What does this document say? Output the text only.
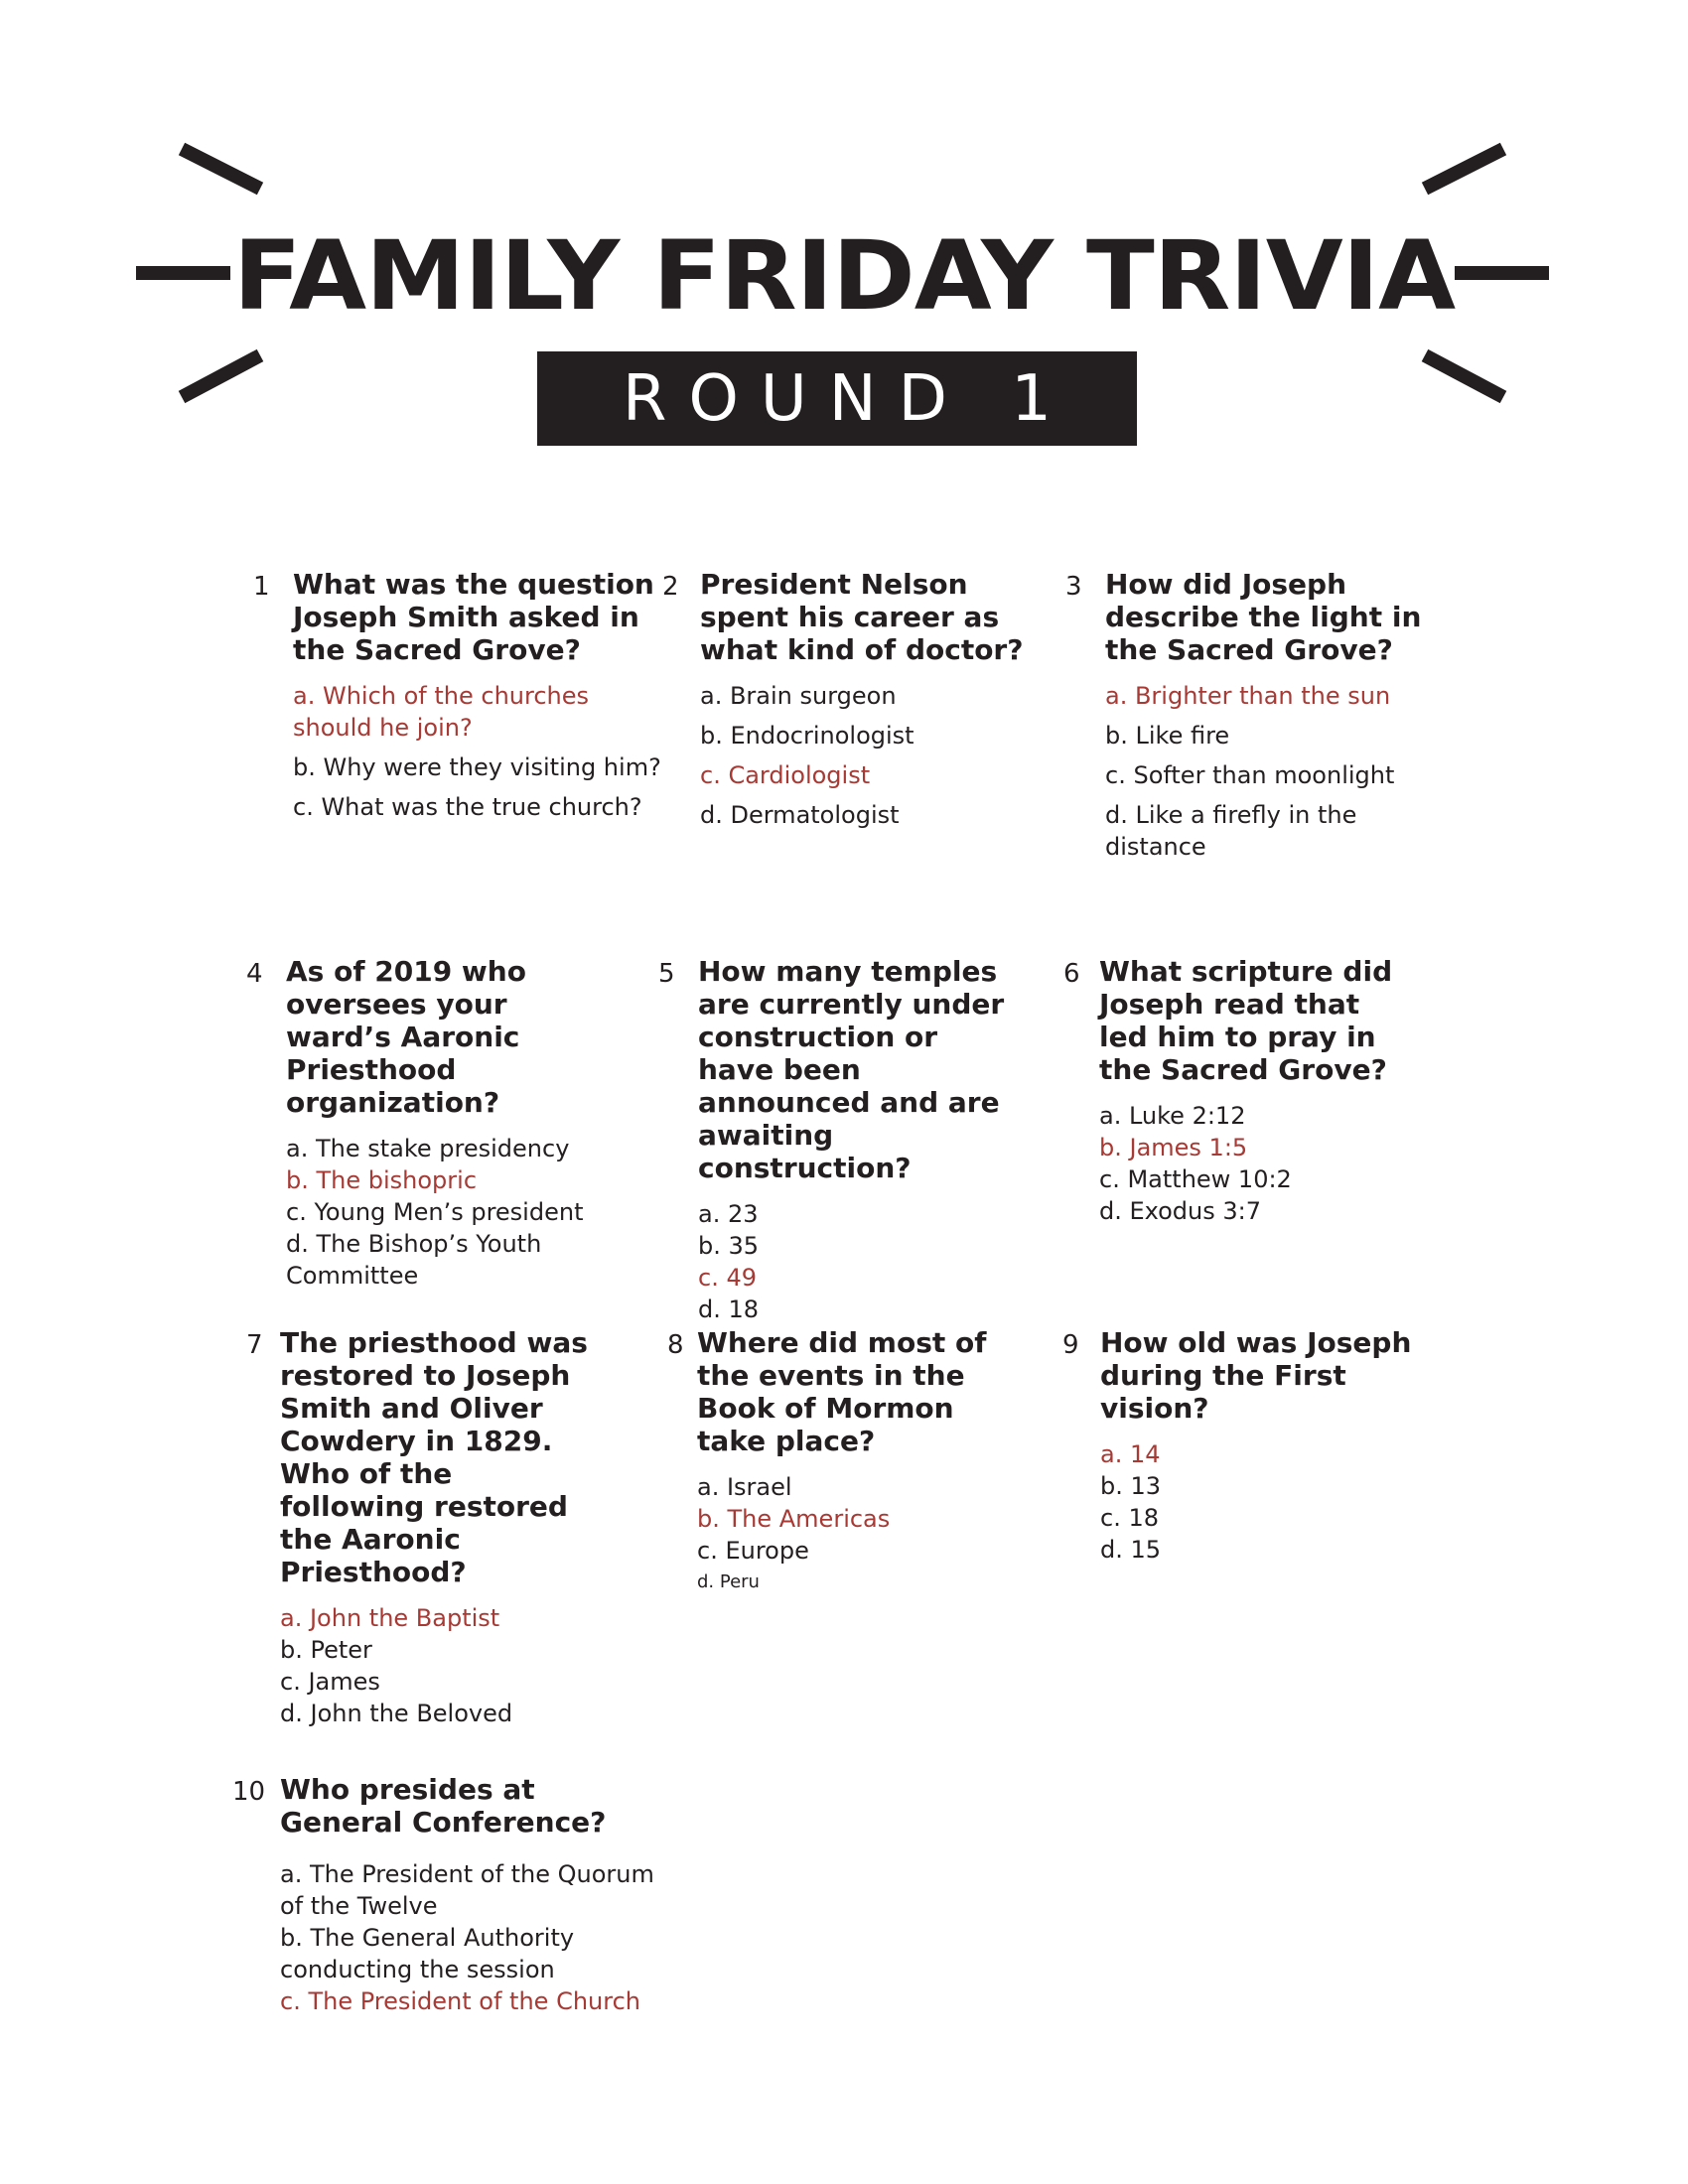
FAMILY FRIDAY TRIVIA
ROUND 1
1 What was the question Joseph Smith asked in the Sacred Grove?

a. Which of the churches should he join?

b. Why were they visiting him?

c. What was the true church?

2 President Nelson spent his career as what kind of doctor?

a. Brain surgeon

b. Endocrinologist

c. Cardiologist

d. Dermatologist

3 How did Joseph describe the light in the Sacred Grove?

a. Brighter than the sun

b. Like fire

c. Softer than moonlight

d. Like a firefly in the distance

4 As of 2019 who oversees your ward’s Aaronic Priesthood organization?

a. The stake presidency

b. The bishopric

c. Young Men’s president

d. The Bishop’s Youth Committee

5 How many temples are currently under construction or have been announced and are awaiting construction?

a. 23

b. 35

c. 49

d. 18

6 What scripture did Joseph read that led him to pray in the Sacred Grove?

a. Luke 2:12

b. James 1:5

c. Matthew 10:2

d. Exodus 3:7

7 The priesthood was restored to Joseph Smith and Oliver Cowdery in 1829. Who of the following restored the Aaronic Priesthood?

a. John the Baptist

b. Peter

c. James

d. John the Beloved

8 Where did most of the events in the Book of Mormon take place?

a. Israel

b. The Americas

c. Europe

d. Peru

9 How old was Joseph during the First vision?

a. 14

b. 13

c. 18

d. 15

10 Who presides at General Conference?

a. The President of the Quorum of the Twelve

b. The General Authority conducting the session

c. The President of the Church
